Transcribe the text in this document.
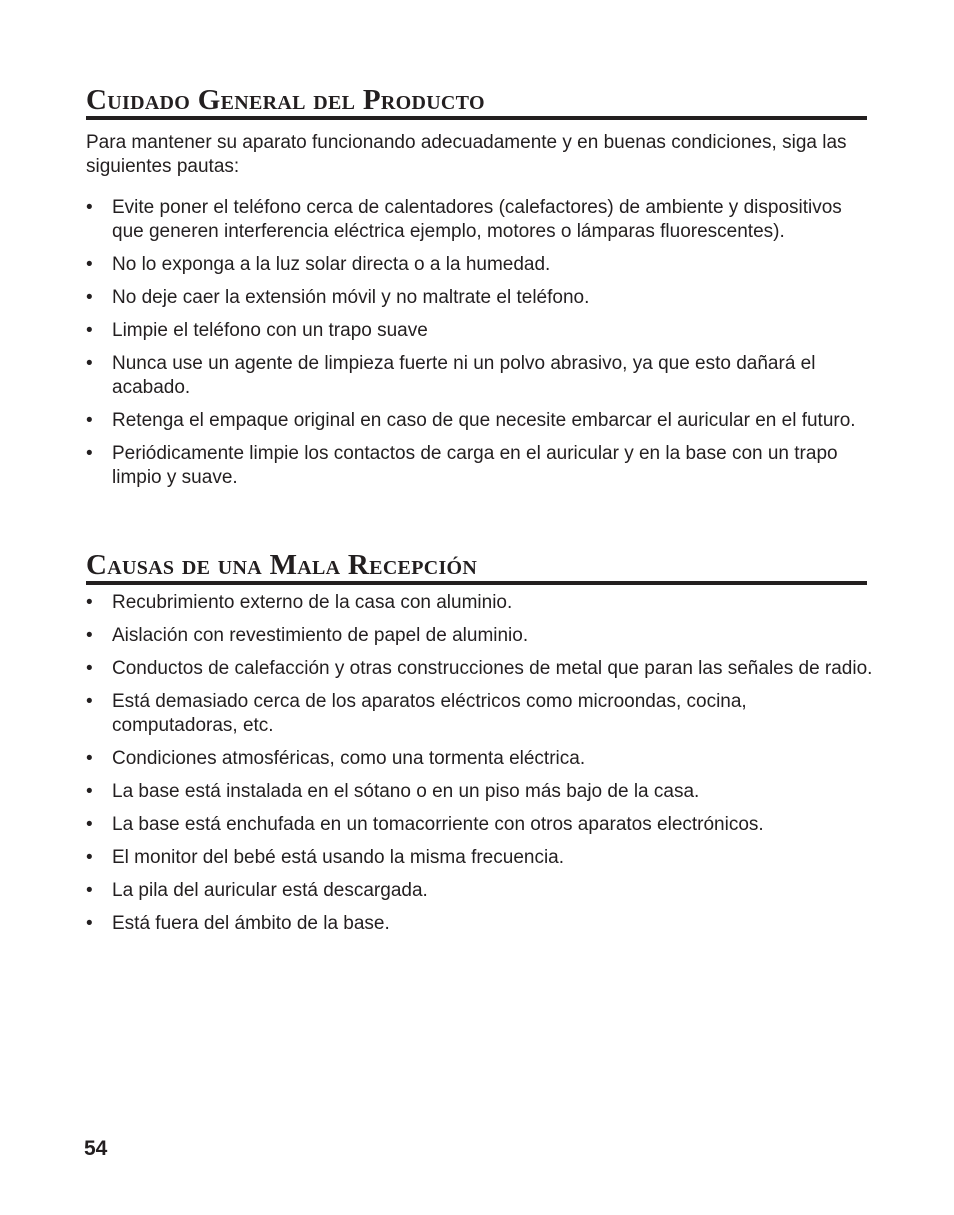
Cuidado General del Producto

Para mantener su aparato funcionando adecuadamente y en buenas condiciones, siga las siguientes pautas:

• Evite poner el teléfono cerca de calentadores (calefactores) de ambiente y dispositivos que generen interferencia eléctrica ejemplo, motores o lámparas fluorescentes).
• No lo exponga a la luz solar directa o a la humedad.
• No deje caer la extensión móvil y no maltrate el teléfono.
• Limpie el teléfono con un trapo suave
• Nunca use un agente de limpieza fuerte ni un polvo abrasivo, ya que esto dañará el acabado.
• Retenga el empaque original en caso de que necesite embarcar el auricular en el futuro.
• Periódicamente limpie los contactos de carga en el auricular y en la base con un trapo limpio y suave.
Causas de una Mala Recepción
• Recubrimiento externo de la casa con aluminio.
• Aislación con revestimiento de papel de aluminio.
• Conductos de calefacción y otras construcciones de metal que paran las señales de radio.
• Está demasiado cerca de los aparatos eléctricos como microondas, cocina, computadoras, etc.
• Condiciones atmosféricas, como una tormenta eléctrica.
• La base está instalada en el sótano o en un piso más bajo de la casa.
• La base está enchufada en un tomacorriente con otros aparatos electrónicos.
• El monitor del bebé está usando la misma frecuencia.
• La pila del auricular está descargada.
• Está fuera del ámbito de la base.
54
